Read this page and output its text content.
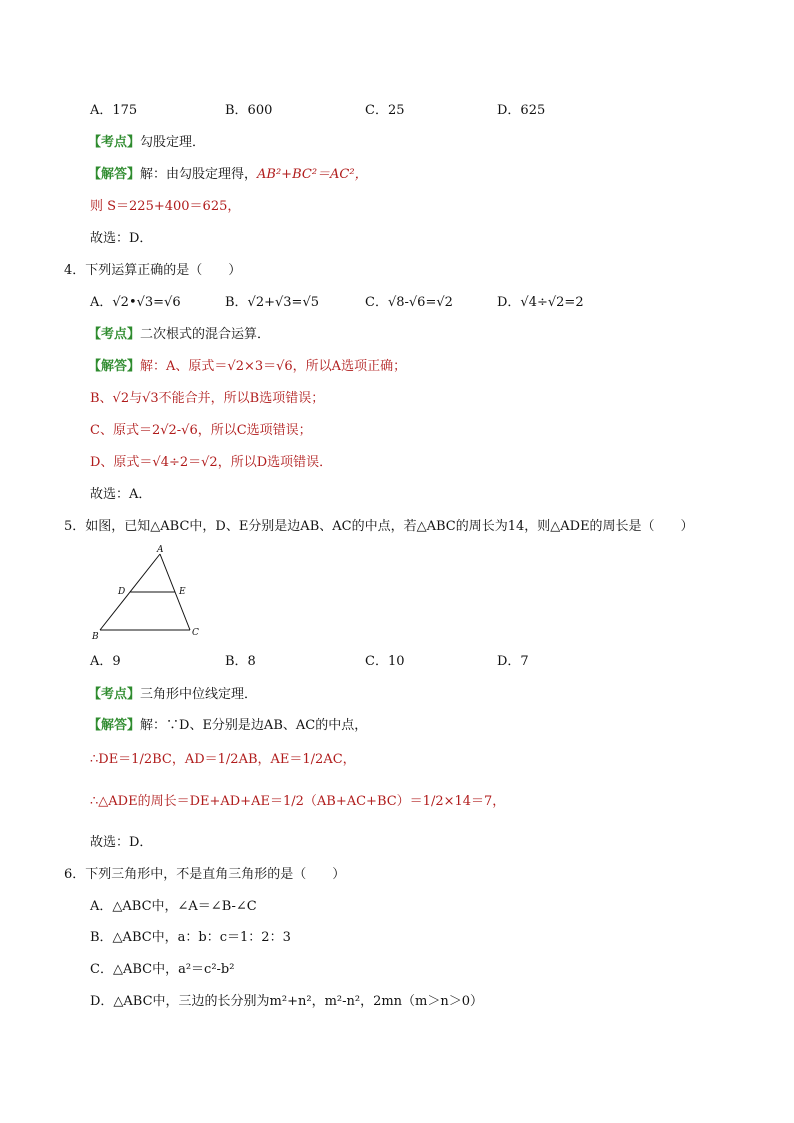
A．175	B．600	C．25	D．625
【考点】勾股定理．
【解答】解：由勾股定理得，AB²+BC²＝AC²，
则 S＝225+400＝625，
故选：D．
4．下列运算正确的是（　　）
A．√2•√3=√6	B．√2+√3=√5	C．√8-√6=√2	D．√4÷√2=2
【考点】二次根式的混合运算．
【解答】解：A、原式＝√2×3＝√6，所以A选项正确；
B、√2与√3不能合并，所以B选项错误；
C、原式＝2√2-√6，所以C选项错误；
D、原式＝√4÷2＝√2，所以D选项错误．
故选：A．
5．如图，已知△ABC中，D、E分别是边AB、AC的中点，若△ABC的周长为14，则△ADE的周长是（　　）
A
D	E
B	C
A．9	B．8	C．10	D．7
【考点】三角形中位线定理．
【解答】解：∵D、E分别是边AB、AC的中点，
∴DE＝1/2BC，AD＝1/2AB，AE＝1/2AC，
∴△ADE的周长＝DE+AD+AE＝1/2（AB+AC+BC）＝1/2×14＝7，
故选：D．
6．下列三角形中，不是直角三角形的是（　　）
A．△ABC中，∠A＝∠B-∠C
B．△ABC中，a：b：c＝1：2：3
C．△ABC中，a²＝c²-b²
D．△ABC中，三边的长分别为m²+n²，m²-n²，2mn（m＞n＞0）
